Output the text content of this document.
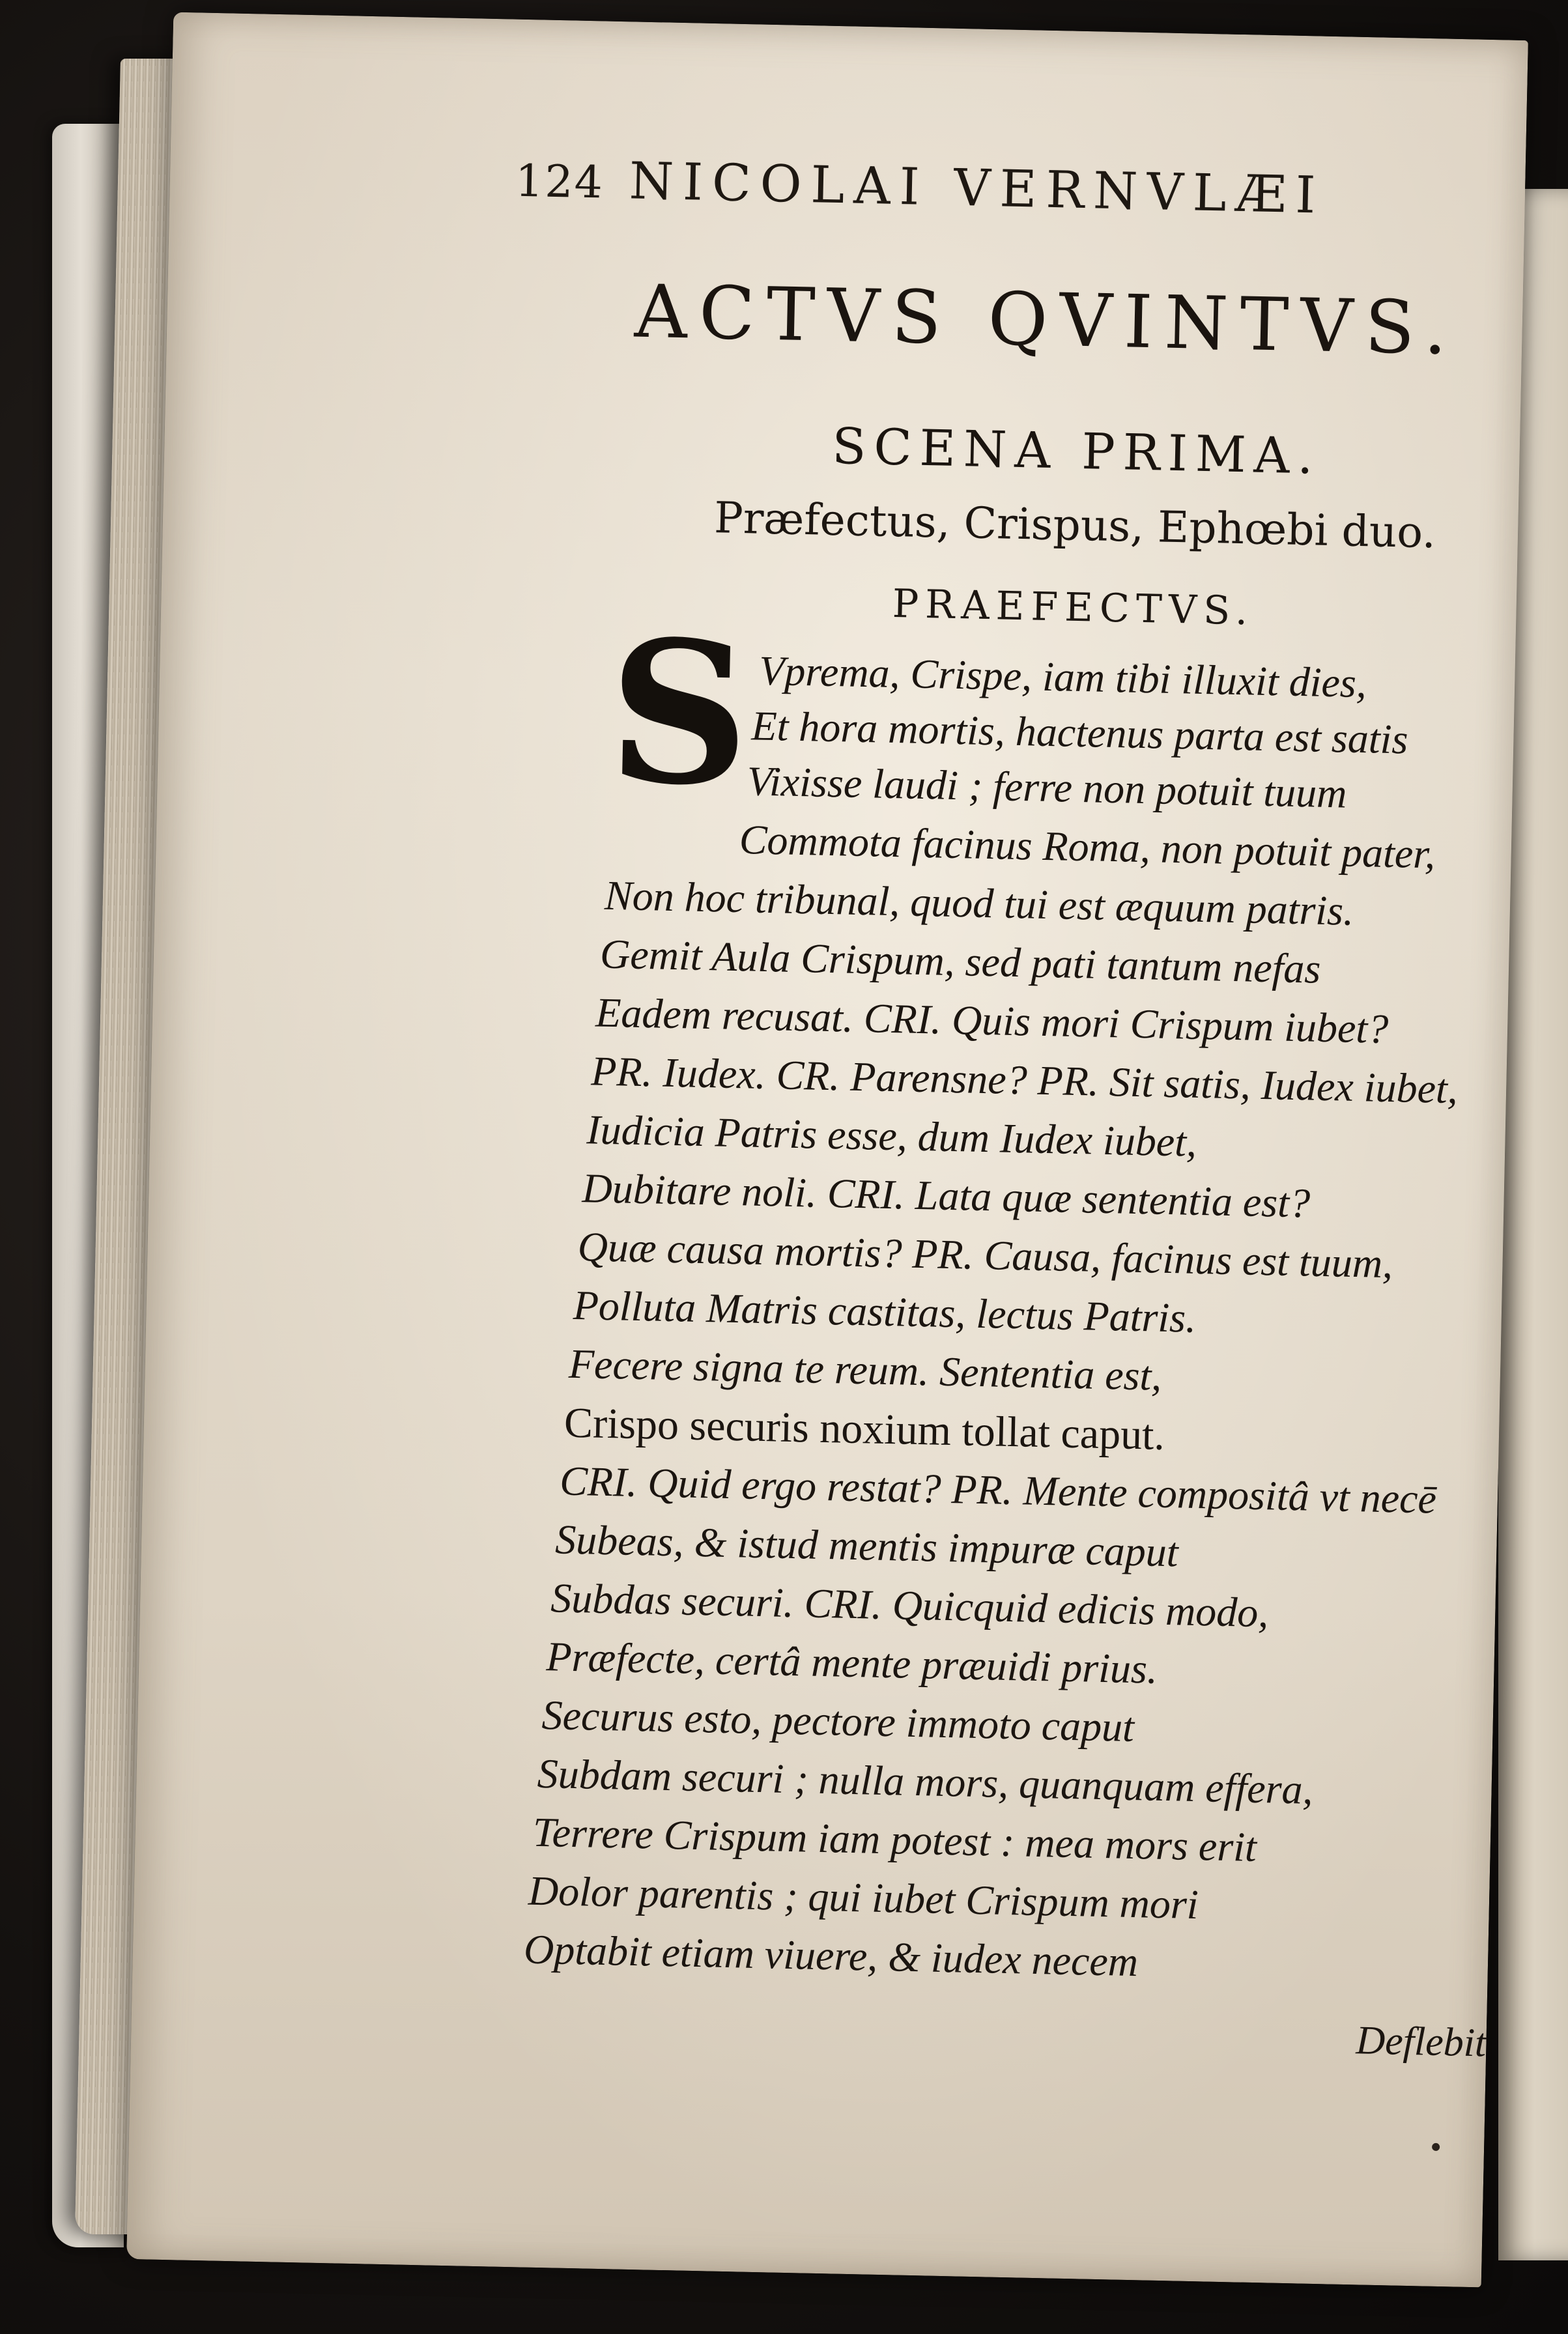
124 NICOLAI VERNVLÆI
ACTVS QVINTVS.
SCENA PRIMA.
Præfectus, Crispus, Ephœbi duo.
PRAEFECTVS.
S Vprema, Crispe, iam tibi illuxit dies,
Et hora mortis, hactenus parta est satis
Vixisse laudi ; ferre non potuit tuum
Commota facinus Roma, non potuit pater,
Non hoc tribunal, quod tui est æquum patris.
Gemit Aula Crispum, sed pati tantum nefas
Eadem recusat. CRI. Quis mori Crispum iubet?
PR. Iudex. CR. Parensne? PR. Sit satis, Iudex iubet,
Iudicia Patris esse, dum Iudex iubet,
Dubitare noli. CRI. Lata quæ sententia est?
Quæ causa mortis? PR. Causa, facinus est tuum,
Polluta Matris castitas, lectus Patris.
Fecere signa te reum. Sententia est,
Crispo securis noxium tollat caput.
CRI. Quid ergo restat? PR. Mente compositâ vt necē
Subeas, & istud mentis impuræ caput
Subdas securi. CRI. Quicquid edicis modo,
Præfecte, certâ mente præuidi prius.
Securus esto, pectore immoto caput
Subdam securi ; nulla mors, quanquam effera,
Terrere Crispum iam potest : mea mors erit
Dolor parentis ; qui iubet Crispum mori
Optabit etiam viuere, & iudex necem
Deflebit
